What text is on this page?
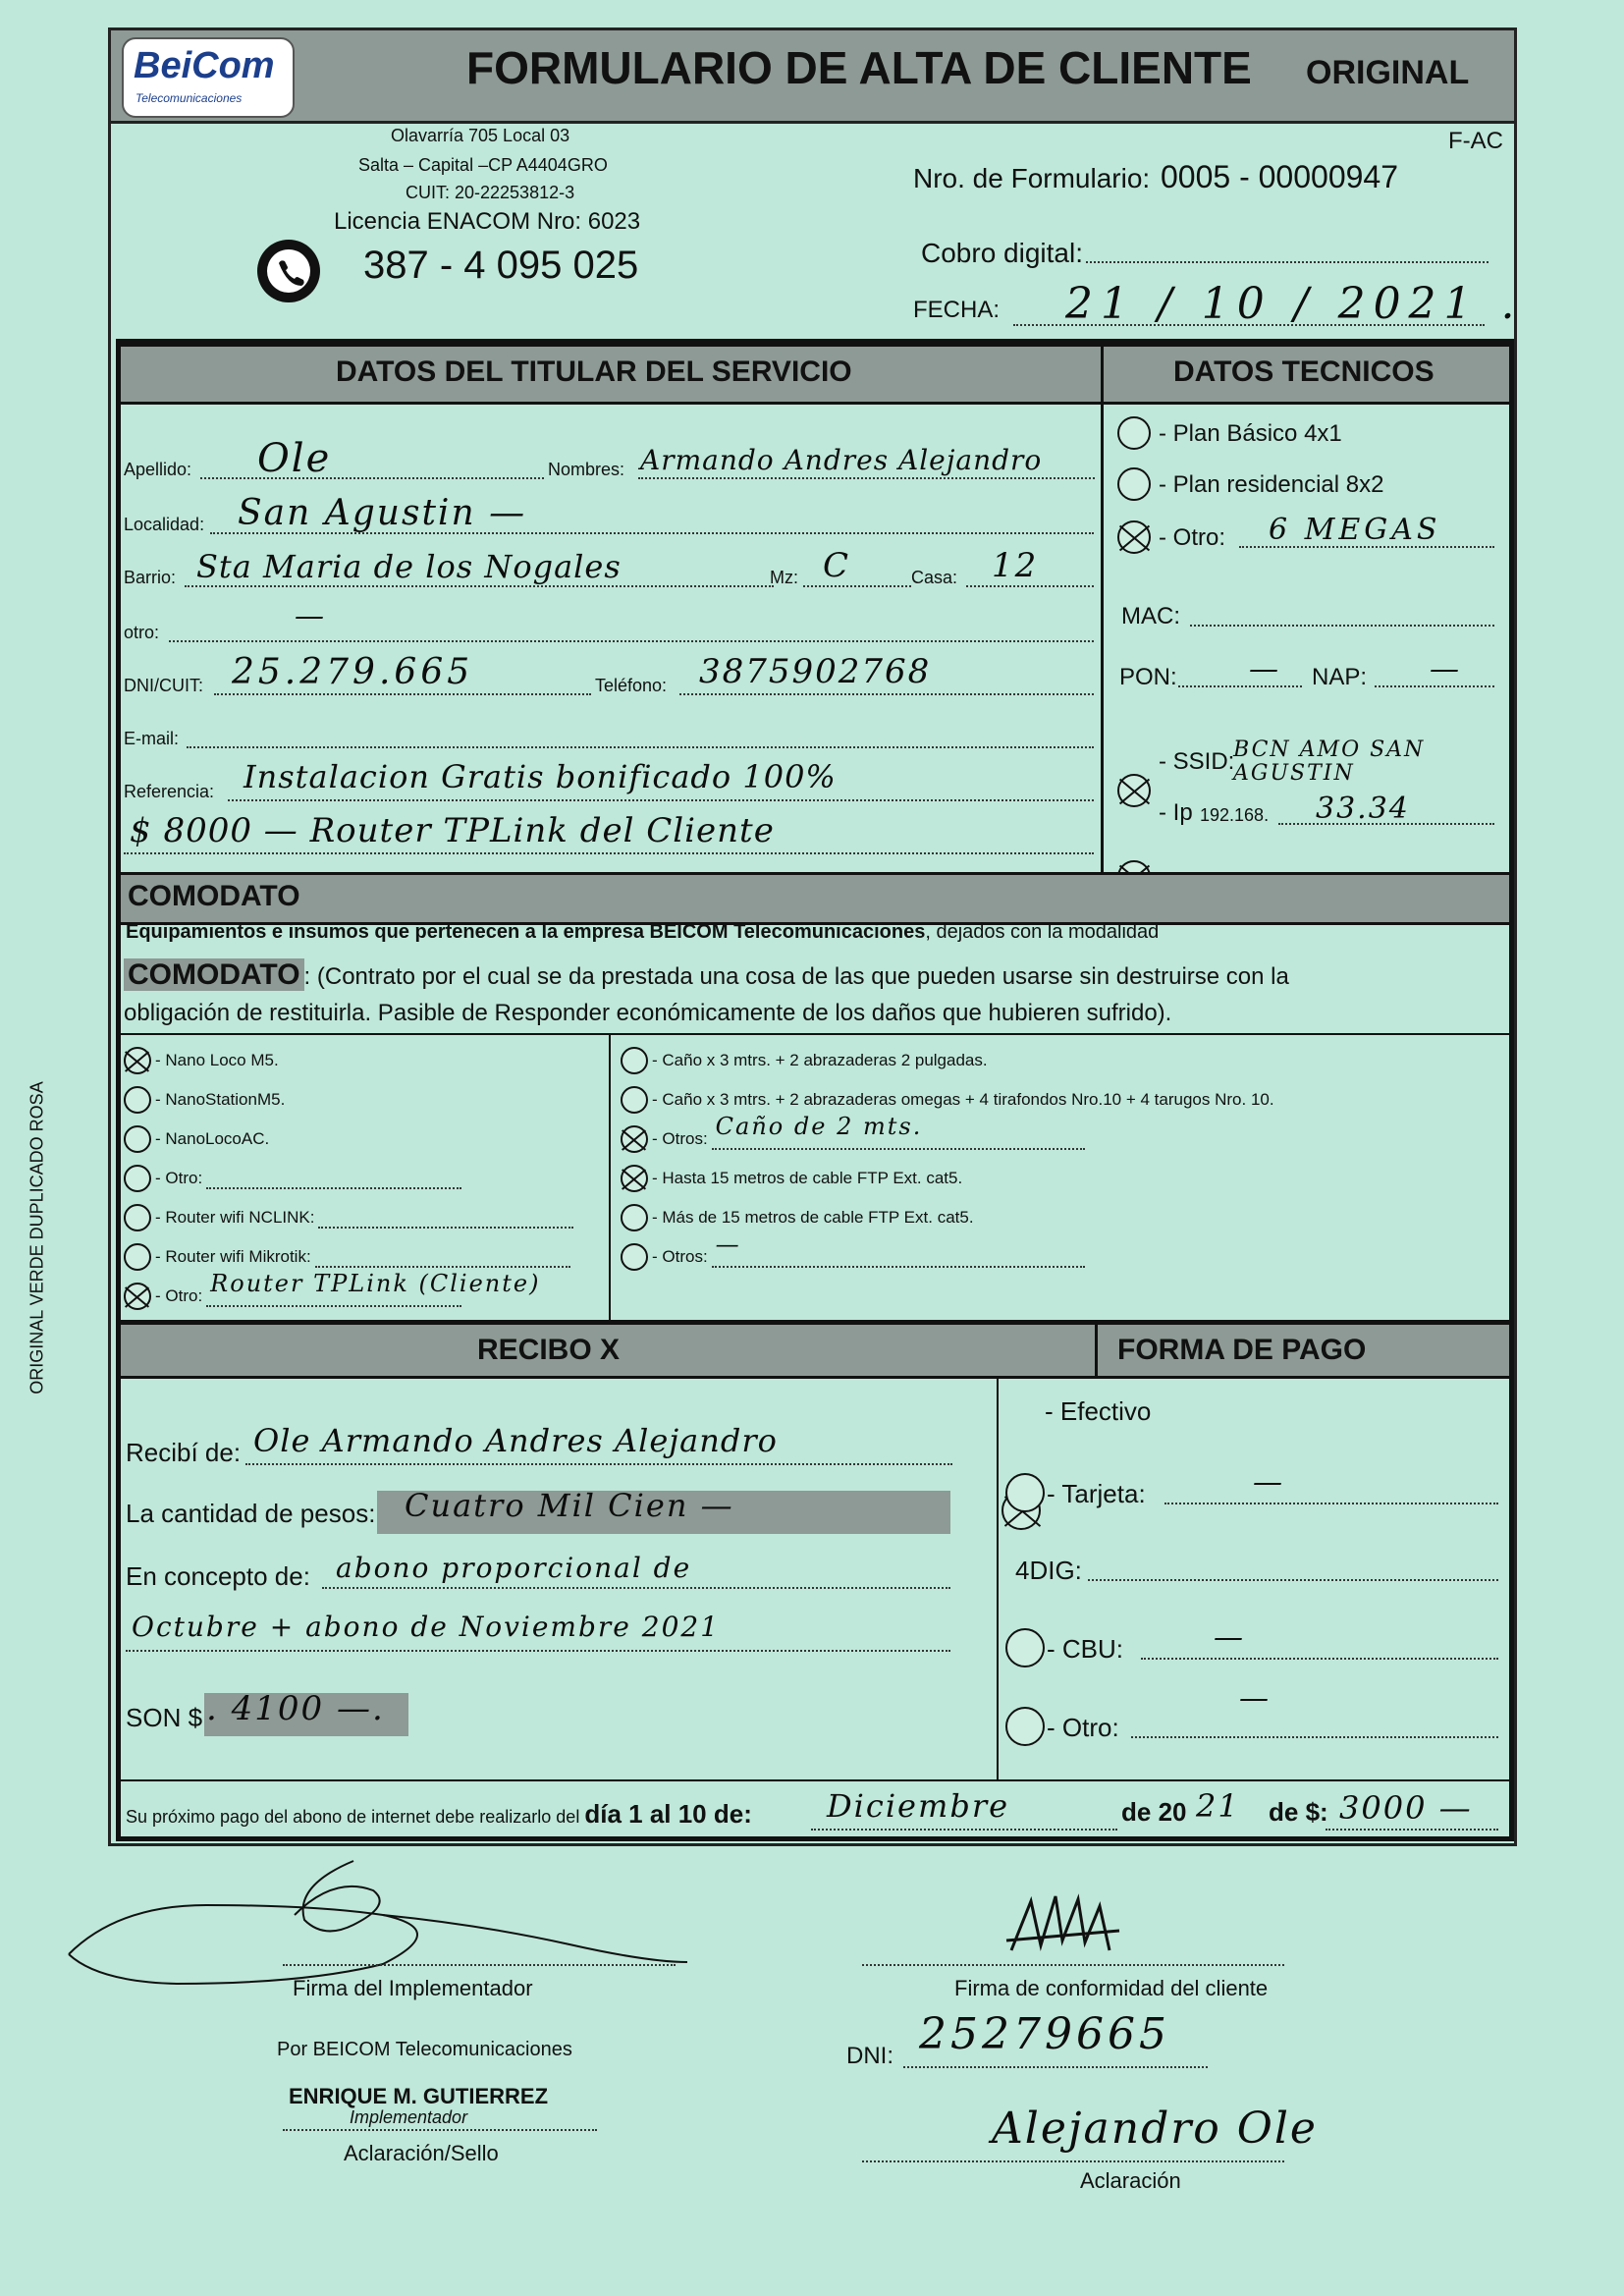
BeiCom
Telecomunicaciones
FORMULARIO DE ALTA DE CLIENTE ORIGINAL
F-AC
Olavarría 705 Local 03
Salta – Capital –CP A4404GRO
CUIT: 20-22253812-3
Licencia ENACOM Nro: 6023
387 - 4 095 025
Nro. de Formulario: 0005 - 00000947
Cobro digital:
FECHA: 21 / 10 / 2021 .
DATOS DEL TITULAR DEL SERVICIO	DATOS TECNICOS
Apellido: Ole	Nombres: Armando Andres Alejandro
Localidad: San Agustin —
Barrio: Sta Maria de los Nogales	Mz: C	Casa: 12
otro:	—
DNI/CUIT: 25.279.665	Teléfono: 3875902768
E-mail:
Referencia: Instalacion Gratis bonificado 100%
$ 8000 — Router TPLink del Cliente
- Plan Básico 4x1
- Plan residencial 8x2
- Otro: 6 MEGAS
MAC:
PON: — NAP: —
- SSID:
BCN AMO SAN AGUSTIN
- Ip 192.168. 33.34
COMODATO
Equipamientos e insumos que pertenecen a la empresa BEICOM Telecomunicaciones, dejados con la modalidad
COMODATO : (Contrato por el cual se da prestada una cosa de las que pueden usarse sin destruirse con la
obligación de restituirla. Pasible de Responder económicamente de los daños que hubieren sufrido).
- Nano Loco M5.
- NanoStationM5.
- NanoLocoAC.
- Otro:
- Router wifi NCLINK:
- Router wifi Mikrotik:
- Otro: Router TPLink (Cliente)
- Caño x 3 mtrs. + 2 abrazaderas 2 pulgadas.
- Caño x 3 mtrs. + 2 abrazaderas omegas + 4 tirafondos Nro.10 + 4 tarugos Nro. 10.
- Otros: Caño de 2 mts.
- Hasta 15 metros de cable FTP Ext. cat5.
- Más de 15 metros de cable FTP Ext. cat5.
- Otros: —
RECIBO X	FORMA DE PAGO
Recibí de: Ole Armando Andres Alejandro
La cantidad de pesos: Cuatro Mil Cien —
En concepto de: abono proporcional de
Octubre + abono de Noviembre 2021
SON $ . 4100 —.
Su próximo pago del abono de internet debe realizarlo del día 1 al 10 de: Diciembre	de 20 21 de $: 3000 —
- Efectivo
- Tarjeta:	—
4DIG:
- CBU:	—
- Otro:
—
ORIGINAL VERDE DUPLICADO ROSA
Firma del Implementador	Firma de conformidad del cliente
Por BEICOM Telecomunicaciones
ENRIQUE M. GUTIERREZ
Implementador
Aclaración/Sello
DNI: 25279665
Alejandro Ole
Aclaración
